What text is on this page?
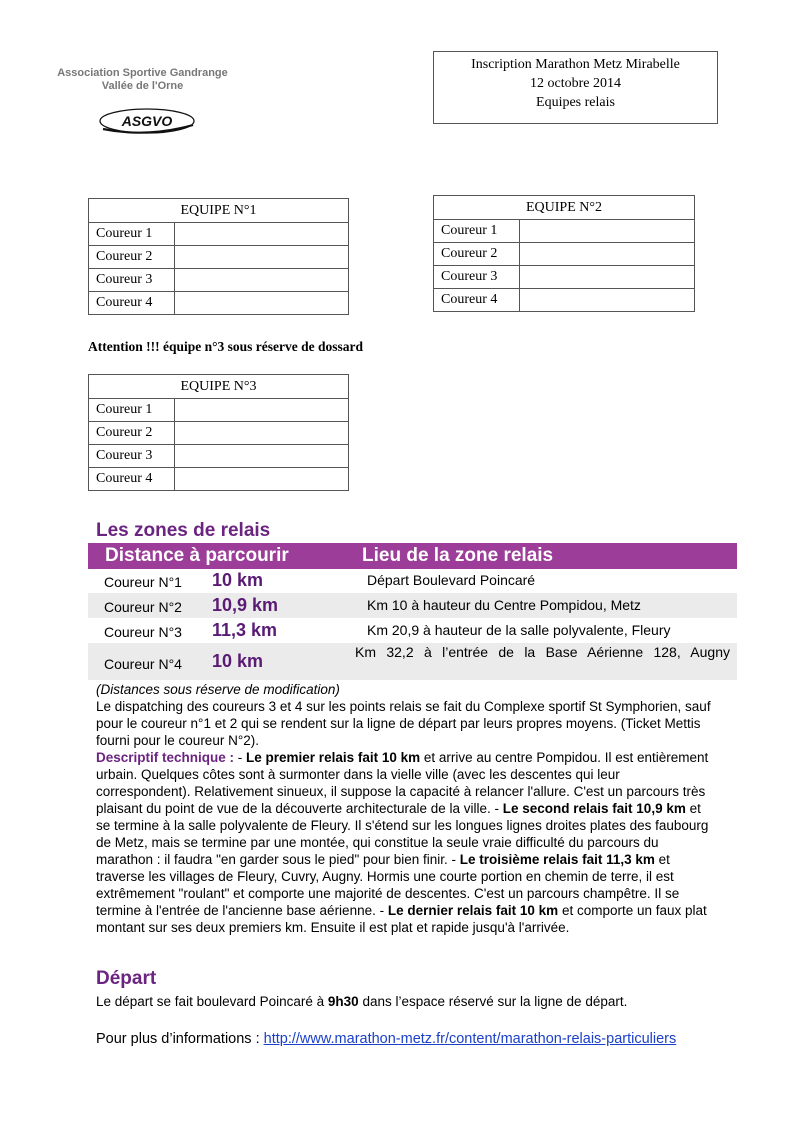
Association Sportive Gandrange
Vallée de l'Orne
ASGVO
Inscription Marathon Metz Mirabelle
12 octobre 2014
Equipes relais
EQUIPE N°1	
Coureur 1	
Coureur 2	
Coureur 3	
Coureur 4	
EQUIPE N°2	
Coureur 1	
Coureur 2	
Coureur 3	
Coureur 4	
Attention !!! équipe n°3 sous réserve de dossard
EQUIPE N°3	
Coureur 1	
Coureur 2	
Coureur 3	
Coureur 4	
Les zones de relais
Distance à parcourir	Lieu de la zone relais
Coureur N°1 10 km	Départ Boulevard Poincaré
Coureur N°2 10,9 km	Km 10 à hauteur du Centre Pompidou, Metz
Coureur N°3 11,3 km	Km 20,9 à hauteur de la salle polyvalente, Fleury
Coureur N°4 10 km	Km 32,2 à l’entrée de la Base Aérienne 128, Augny
(Distances sous réserve de modification)
Le dispatching des coureurs 3 et 4 sur les points relais se fait du Complexe sportif St Symphorien, sauf pour le coureur n°1 et 2 qui se rendent sur la ligne de départ par leurs propres moyens. (Ticket Mettis fourni pour le coureur N°2).
Descriptif technique : - Le premier relais fait 10 km et arrive au centre Pompidou. Il est entièrement urbain. Quelques côtes sont à surmonter dans la vielle ville (avec les descentes qui leur correspondent). Relativement sinueux, il suppose la capacité à relancer l'allure. C'est un parcours très plaisant du point de vue de la découverte architecturale de la ville. - Le second relais fait 10,9 km et se termine à la salle polyvalente de Fleury. Il s'étend sur les longues lignes droites plates des faubourg de Metz, mais se termine par une montée, qui constitue la seule vraie difficulté du parcours du marathon : il faudra "en garder sous le pied" pour bien finir. - Le troisième relais fait 11,3 km et traverse les villages de Fleury, Cuvry, Augny. Hormis une courte portion en chemin de terre, il est extrêmement "roulant" et comporte une majorité de descentes. C'est un parcours champêtre. Il se termine à l'entrée de l'ancienne base aérienne. - Le dernier relais fait 10 km et comporte un faux plat montant sur ses deux premiers km. Ensuite il est plat et rapide jusqu'à l'arrivée.
Départ
Le départ se fait boulevard Poincaré à 9h30 dans l’espace réservé sur la ligne de départ.
Pour plus d’informations : http://www.marathon-metz.fr/content/marathon-relais-particuliers
